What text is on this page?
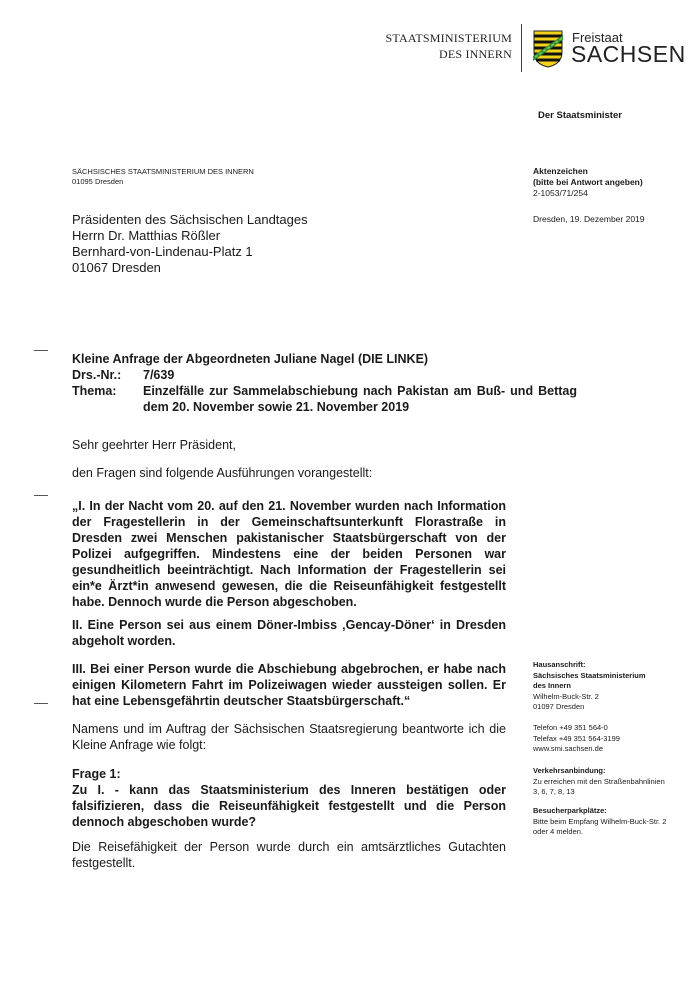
STAATSMINISTERIUM
DES INNERN
Freistaat
SACHSEN
Der Staatsminister
SÄCHSISCHES STAATSMINISTERIUM DES INNERN
01095 Dresden
Aktenzeichen
(bitte bei Antwort angeben)
2-1053/71/254
Dresden, 19. Dezember 2019
Präsidenten des Sächsischen Landtages
Herrn Dr. Matthias Rößler
Bernhard-von-Lindenau-Platz 1
01067 Dresden
Kleine Anfrage der Abgeordneten Juliane Nagel (DIE LINKE)
Drs.-Nr.:	7/639
Thema:	Einzelfälle zur Sammelabschiebung nach Pakistan am Buß- und Bettag dem 20. November sowie 21. November 2019
Sehr geehrter Herr Präsident,
den Fragen sind folgende Ausführungen vorangestellt:
„I. In der Nacht vom 20. auf den 21. November wurden nach Information der Fragestellerin in der Gemeinschaftsunterkunft Florastraße in Dresden zwei Menschen pakistanischer Staatsbürgerschaft von der Polizei aufgegriffen. Mindestens eine der beiden Personen war gesundheitlich beeinträchtigt. Nach Information der Fragestellerin sei ein*e Ärzt*in anwesend gewesen, die die Reiseunfähigkeit festgestellt habe. Dennoch wurde die Person abgeschoben.
II. Eine Person sei aus einem Döner-Imbiss ‚Gencay-Döner‘ in Dresden abgeholt worden.
III. Bei einer Person wurde die Abschiebung abgebrochen, er habe nach einigen Kilometern Fahrt im Polizeiwagen wieder aussteigen sollen. Er hat eine Lebensgefährtin deutscher Staatsbürgerschaft.“
Namens und im Auftrag der Sächsischen Staatsregierung beantworte ich die Kleine Anfrage wie folgt:
Frage 1:
Zu I. - kann das Staatsministerium des Inneren bestätigen oder falsifizieren, dass die Reiseunfähigkeit festgestellt und die Person dennoch abgeschoben wurde?
Die Reisefähigkeit der Person wurde durch ein amtsärztliches Gutachten festgestellt.
Hausanschrift:
Sächsisches Staatsministerium
des Innern
Wilhelm-Buck-Str. 2
01097 Dresden
Telefon +49 351 564-0
Telefax +49 351 564-3199
www.smi.sachsen.de
Verkehrsanbindung:
Zu erreichen mit den Straßenbahnlinien 3, 6, 7, 8, 13
Besucherparkplätze:
Bitte beim Empfang Wilhelm-Buck-Str. 2 oder 4 melden.
